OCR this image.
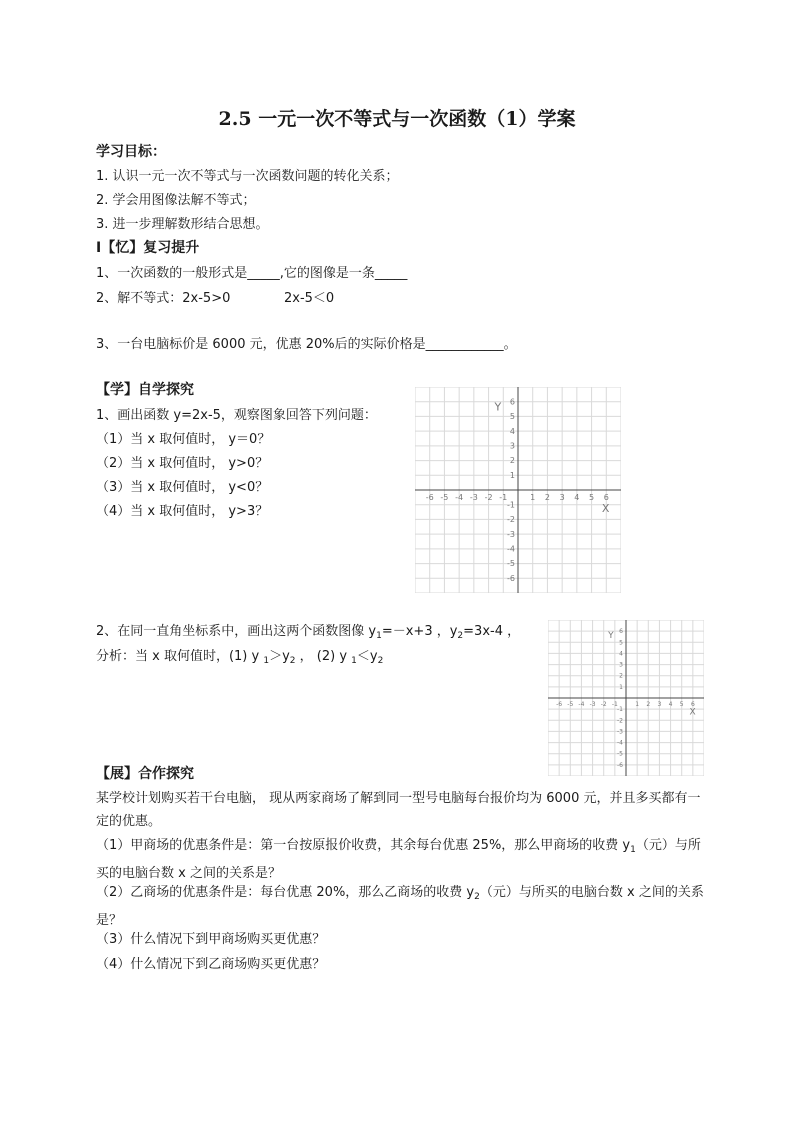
2.5 一元一次不等式与一次函数（1）学案
学习目标：
1. 认识一元一次不等式与一次函数问题的转化关系；
2. 学会用图像法解不等式；
3. 进一步理解数形结合思想。
I【忆】复习提升
1、一次函数的一般形式是_____,它的图像是一条_____
2、解不等式：2x-5>0	2x-5＜0
3、一台电脑标价是 6000 元，优惠 20%后的实际价格是____________。
【学】自学探究
1、画出函数 y=2x-5，观察图象回答下列问题：
（1）当 x 取何值时， y＝0？
（2）当 x 取何值时， y>0？
（3）当 x 取何值时， y<0？
（4）当 x 取何值时， y>3？
-6 -5 -4 -3 -2 -1	1 2 3 4 5 6
6
5
4
3
2
1
-1
-2
-3
-4
-5
-6
X
Y
2、在同一直角坐标系中，画出这两个函数图像 $y_1=-x+3$ ，$y_2=3x-4$ ，
分析：当 x 取何值时，(1) y $_1>y_2$ ， (2) y $_1<y_2$
-6 -5 -4 -3 -2 -1	1 2 3 4 5 6
6
5
4
3
2
1
-1
-2
-3
-4
-5
-6
X
Y
【展】合作探究
某学校计划购买若干台电脑， 现从两家商场了解到同一型号电脑每台报价均为 6000 元，并且多买都有一定的优惠。
（1）甲商场的优惠条件是：第一台按原报价收费，其余每台优惠 25%，那么甲商场的收费 $y_1$（元）与所买的电脑台数 x 之间的关系是？
（2）乙商场的优惠条件是：每台优惠 20%，那么乙商场的收费 $y_2$（元）与所买的电脑台数 x 之间的关系是？
（3）什么情况下到甲商场购买更优惠？
（4）什么情况下到乙商场购买更优惠？
